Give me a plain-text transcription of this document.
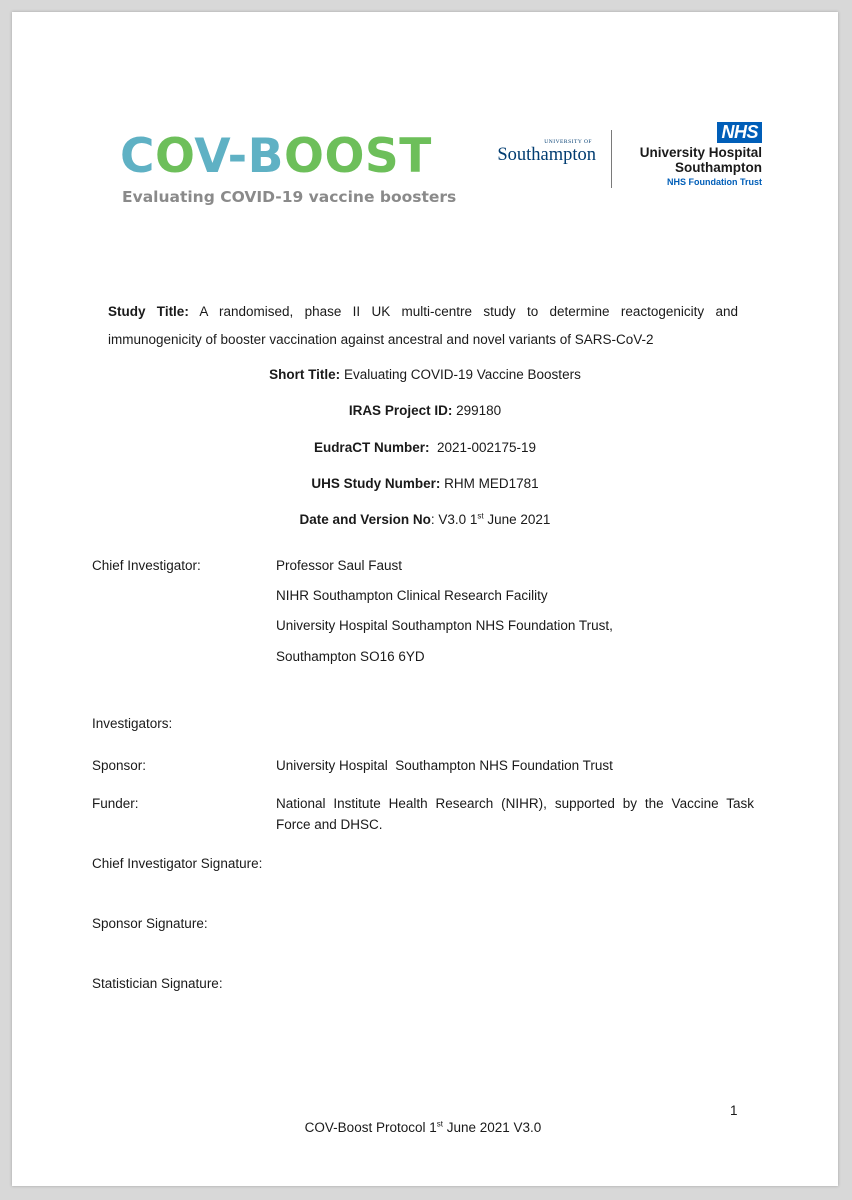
COV-BOOST
Evaluating COVID-19 vaccine boosters
UNIVERSITY OF
Southampton
NHS
University Hospital
Southampton
NHS Foundation Trust
Study Title: A randomised, phase II UK multi-centre study to determine reactogenicity and
immunogenicity of booster vaccination against ancestral and novel variants of SARS-CoV-2
Short Title: Evaluating COVID-19 Vaccine Boosters
IRAS Project ID: 299180
EudraCT Number: 2021-002175-19
UHS Study Number: RHM MED1781
Date and Version No: V3.0 1st June 2021
Chief Investigator:	Professor Saul Faust
NIHR Southampton Clinical Research Facility
University Hospital Southampton NHS Foundation Trust,
Southampton SO16 6YD
Investigators:
Sponsor:	University Hospital  Southampton NHS Foundation Trust
Funder:	National Institute Health Research (NIHR), supported by the Vaccine Task
Force and DHSC.
Chief Investigator Signature:
Sponsor Signature:
Statistician Signature:
1
COV-Boost Protocol 1st June 2021 V3.0
